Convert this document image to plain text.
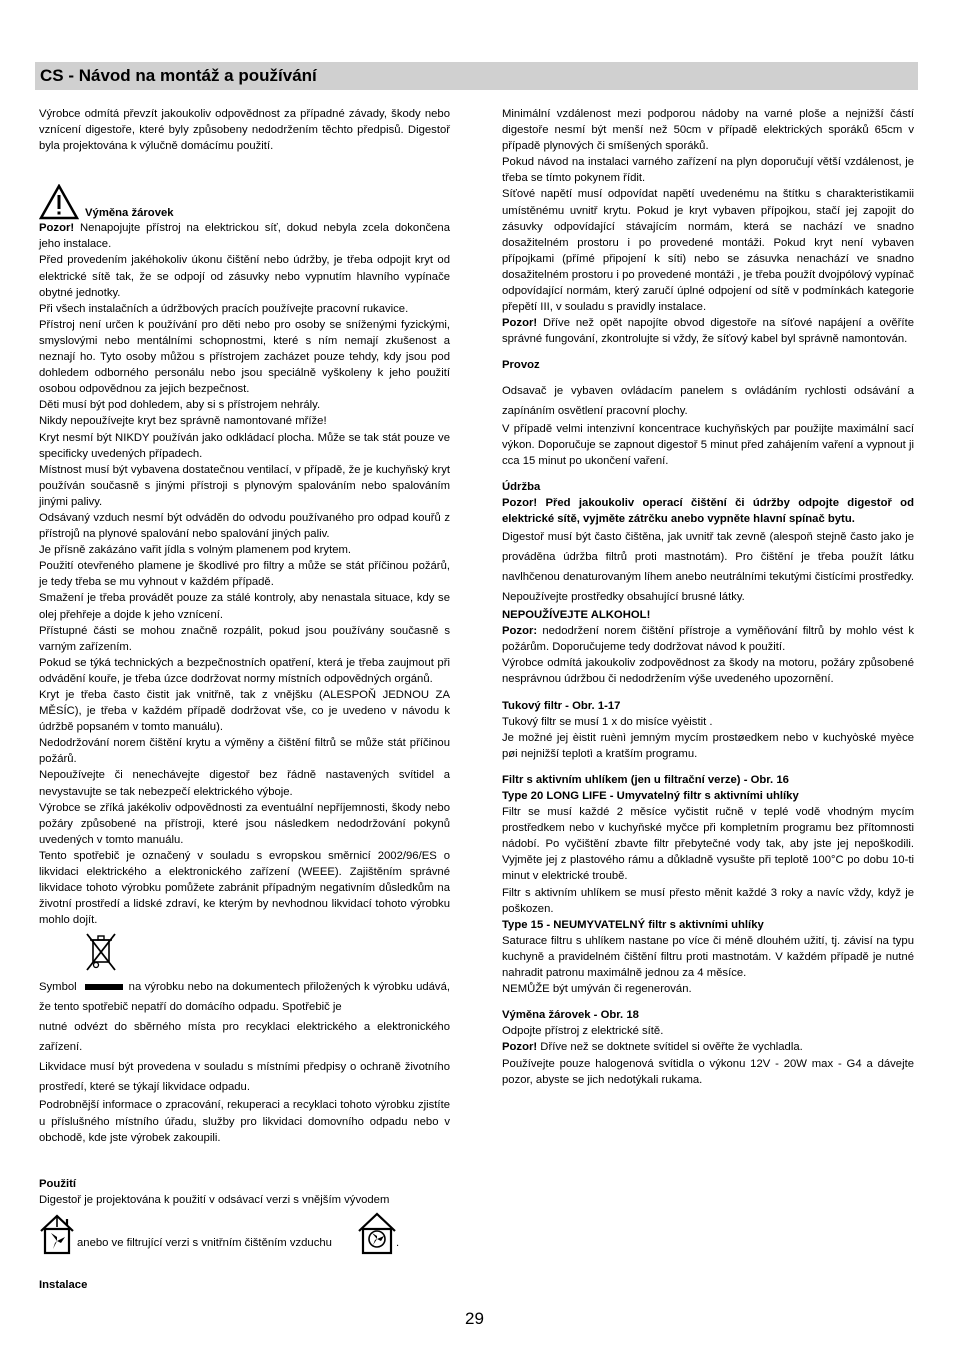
CS - Návod na montáž a používání

Výrobce odmítá převzít jakoukoliv odpovědnost za případné závady, škody nebo vznícení digestoře, které byly způsobeny nedodržením těchto předpisů. Digestoř byla projektována k výlučně domácímu použití.

Výměna žárovek

Pozor! Nenapojujte přístroj na elektrickou síť, dokud nebyla zcela dokončena jeho instalace.

Před provedením jakéhokoliv úkonu čištění nebo údržby, je třeba odpojit kryt od elektrické sítě tak, že se odpojí od zásuvky nebo vypnutím hlavního vypínače obytné jednotky.

Při všech instalačních a údržbových pracích používejte pracovní rukavice.

Přístroj není určen k používání pro děti nebo pro osoby se sníženými fyzickými, smyslovými nebo mentálními schopnostmi, které s ním nemají zkušenost a neznají ho. Tyto osoby můžou s přístrojem zacházet pouze tehdy, kdy jsou pod dohledem odborného personálu nebo jsou speciálně vyškoleny k jeho použití osobou odpovědnou za jejich bezpečnost.

Děti musí být pod dohledem, aby si s přístrojem nehrály.

Nikdy nepoužívejte kryt bez správně namontované mříže!

Kryt nesmí být NIKDY používán jako odkládací plocha. Může se tak stát pouze ve specificky uvedených případech.

Místnost musí být vybavena dostatečnou ventilací, v případě, že je kuchyňský kryt používán současně s jinými přístroji s plynovým spalováním nebo spalováním jinými palivy.

Odsávaný vzduch nesmí být odváděn do odvodu používaného pro odpad kouřů z přístrojů na plynové spalování nebo spalování jiných paliv.

Je přísně zakázáno vařit jídla s volným plamenem pod krytem.

Použití otevřeného plamene je škodlivé pro filtry a může se stát příčinou požárů, je tedy třeba se mu vyhnout v každém případě.

Smažení je třeba provádět pouze za stálé kontroly, aby nenastala situace, kdy se olej přehřeje a dojde k jeho vznícení.

Přístupné části se mohou značně rozpálit, pokud jsou používány současně s varným zařízením.

Pokud se týká technických a bezpečnostních opatření, která je třeba zaujmout při odvádění kouře, je třeba úzce dodržovat normy místních odpovědných orgánů.

Kryt je třeba často čistit jak vnitřně, tak z vnějšku (ALESPOŇ JEDNOU ZA MĚSÍC), je třeba v každém případě dodržovat vše, co je uvedeno v návodu k údržbě popsaném v tomto manuálu).

Nedodržování norem čištění krytu a výměny a čištění filtrů se může stát příčinou požárů.

Nepoužívejte či nenechávejte digestoř bez řádně nastavených svítidel a nevystavujte se tak nebezpečí elektrického výboje.

Výrobce se zříká jakékoliv odpovědnosti za eventuální nepříjemnosti, škody nebo požáry způsobené na přístroji, které jsou následkem nedodržování pokynů uvedených v tomto manuálu.

Tento spotřebič je označený v souladu s evropskou směrnicí 2002/96/ES o likvidaci elektrického a elektronického zařízení (WEEE). Zajištěním správné likvidace tohoto výrobku pomůžete zabránit případným negativním důsledkům na životní prostředí a lidské zdraví, ke kterým by nevhodnou likvidací tohoto výrobku mohlo dojít.

Symbol	na výrobku nebo na dokumentech přiložených k výrobku udává, že tento spotřebič nepatří do domácího odpadu. Spotřebič je

nutné odvézt do sběrného místa pro recyklaci elektrického a elektronického zařízení.

Likvidace musí být provedena v souladu s místními předpisy o ochraně životního prostředí, které se týkají likvidace odpadu.

Podrobnější informace o zpracování, rekuperaci a recyklaci tohoto výrobku zjistíte u příslušného místního úřadu, služby pro likvidaci domovního odpadu nebo v obchodě, kde jste výrobek zakoupili.

Použití

Digestoř je projektována k použití v odsávací verzi s vnějším vývodem

anebo ve filtrující verzi s vnitřním čištěním vzduchu	.

Instalace

Minimální vzdálenost mezi podporou nádoby na varné ploše a nejnižší částí digestoře nesmí být menší než 50cm v případě elektrických sporáků 65cm v případě plynových či smíšených sporáků.

Pokud návod na instalaci varného zařízení na plyn doporučují větší vzdálenost, je třeba se tímto pokynem řídit.

Síťové napětí musí odpovídat napětí uvedenému na štítku s charakteristikamii umístěnému uvnitř krytu. Pokud je kryt vybaven přípojkou, stačí jej zapojit do zásuvky odpovídající stávajícím normám, která se nachází ve snadno dosažitelném prostoru i po provedené montáži. Pokud kryt není vybaven přípojkami (přímé připojení k síti) nebo se zásuvka nenachází ve snadno dosažitelném prostoru i po provedené montáži , je třeba použít dvojpólový vypínač odpovídající normám, který zaručí úplné odpojení od sítě v podmínkách kategorie přepětí III, v souladu s pravidly instalace.

Pozor! Dříve než opět napojíte obvod digestoře na síťové napájení a ověříte správné fungování, zkontrolujte si vždy, že síťový kabel byl správně namontován.

Provoz

Odsavač je vybaven ovládacím panelem s ovládáním rychlosti odsávání a zapínáním osvětlení pracovní plochy.

V případě velmi intenzivní koncentrace kuchyňských par použijte maximální sací výkon. Doporučuje se zapnout digestoř 5 minut před zahájením vaření a vypnout ji cca 15 minut po ukončení vaření.

Údržba

Pozor! Před jakoukoliv operací čištění či údržby odpojte digestoř od elektrické sítě, vyjměte zátrčku anebo vypněte hlavní spínač bytu.

Digestoř musí být často čištěna, jak uvnitř tak zevně (alespoň stejně často jako je prováděna údržba filtrů proti mastnotám). Pro čištění je třeba použít látku navlhčenou denaturovaným líhem anebo neutrálními tekutými čistícími prostředky. Nepoužívejte prostředky obsahující brusné látky.

NEPOUŽÍVEJTE ALKOHOL!

Pozor: nedodržení norem čištění přístroje a vyměňování filtrů by mohlo vést k požárům. Doporučujeme tedy dodržovat návod k použití.

Výrobce odmítá jakoukoliv zodpovědnost za škody na motoru, požáry způsobené nesprávnou údržbou či nedodržením výše uvedeného upozornění.

Tukový filtr - Obr. 1-17

Tukový filtr se musí 1 x do misíce vyèistit .

Je možné jej èistit ruènì jemným mycím prostøedkem nebo v kuchyòské myèce pøi nejnižší teplotì a kratším programu.

Filtr s aktivním uhlíkem (jen u filtrační verze) - Obr. 16

Type 20 LONG LIFE - Umyvatelný filtr s aktivními uhlíky

Filtr se musí každé 2 měsíce vyčistit ručně v teplé vodě vhodným mycím prostředkem nebo v kuchyňské myčce při kompletním programu bez přítomnosti nádobí. Po vyčištění zbavte filtr přebytečné vody tak, aby jste jej nepoškodili. Vyjměte jej z plastového rámu a důkladně vysušte při teplotě 100°C po dobu 10-ti minut v elektrické troubě.

Filtr s aktivním uhlíkem se musí přesto měnit každé 3 roky a navíc vždy, když je poškozen.

Type 15 - NEUMYVATELNÝ filtr s aktivními uhlíky

Saturace filtru s uhlíkem nastane po více či méně dlouhém užití, tj. závisí na typu kuchyně a pravidelném čištění filtru proti mastnotám. V každém případě je nutné nahradit patronu maximálně jednou za 4 měsíce.

NEMŮŽE být umýván či regenerován.

Výměna žárovek - Obr. 18

Odpojte přístroj z elektrické sítě.

Pozor! Dříve než se doktnete svítidel si ověřte že vychladla.

Používejte pouze halogenová svítidla o výkonu 12V - 20W max - G4 a dávejte pozor, abyste se jich nedotýkali rukama.

29
